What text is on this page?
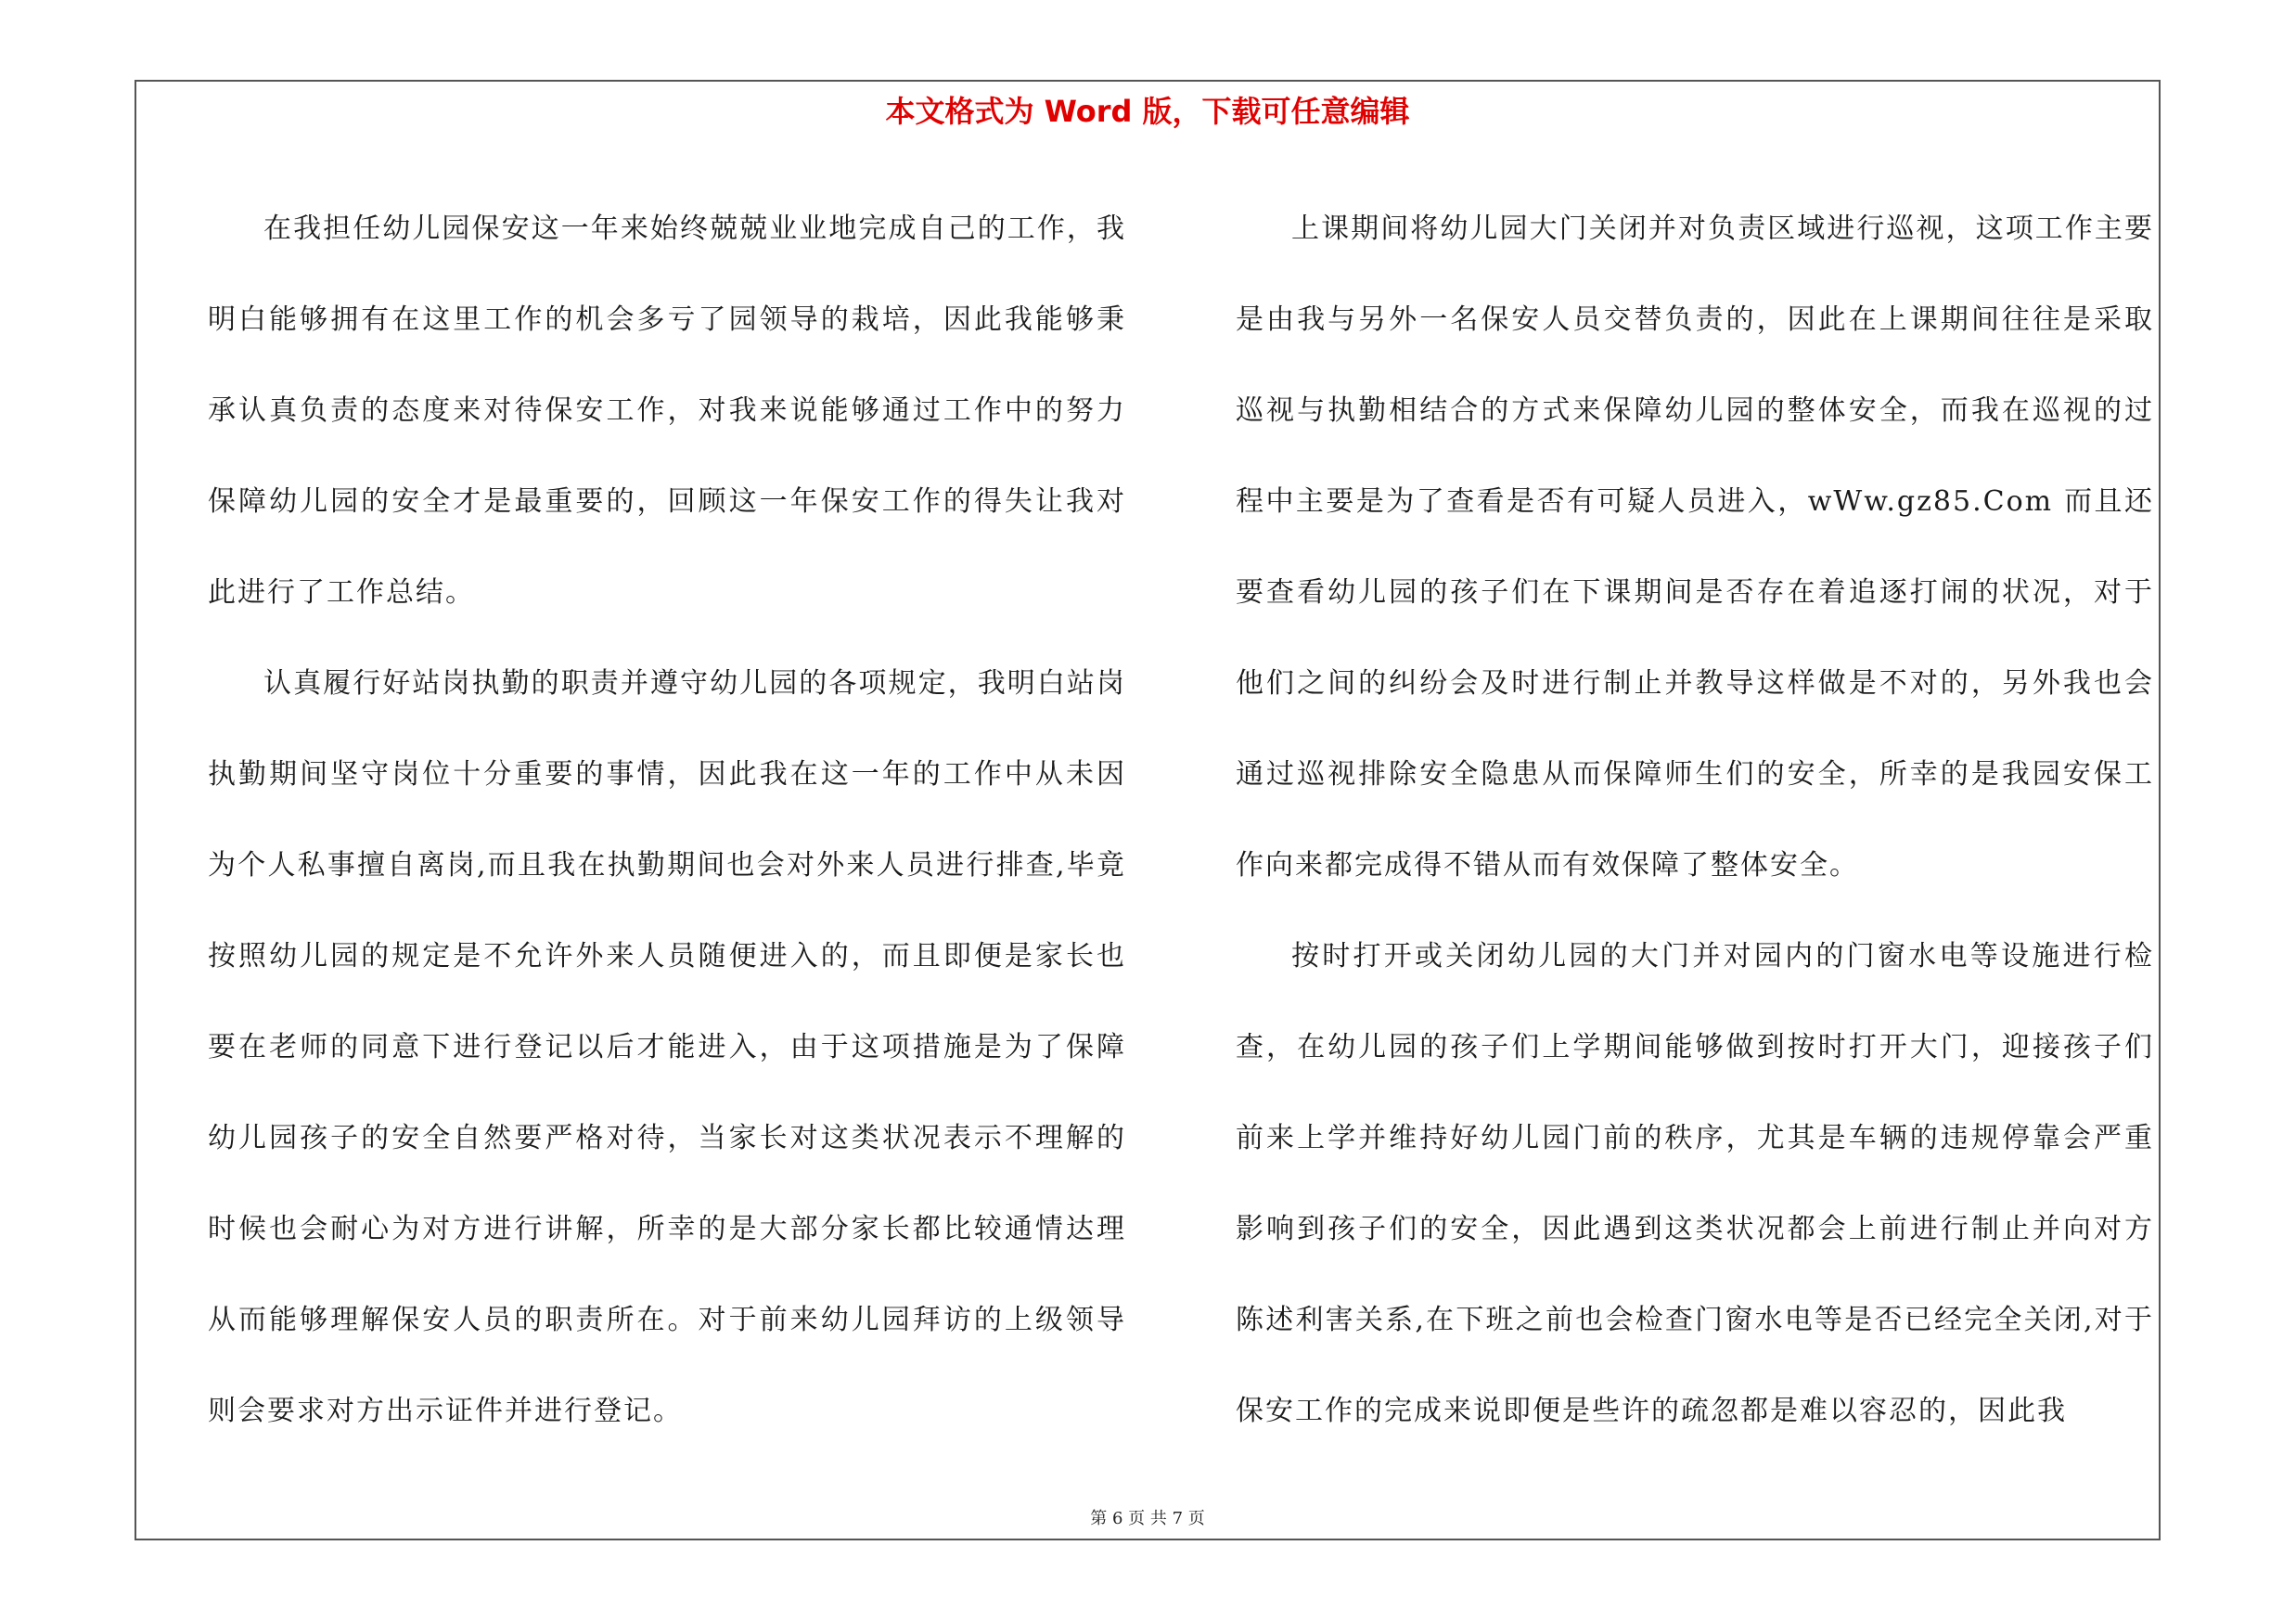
本文格式为 Word 版，下载可任意编辑

在我担任幼儿园保安这一年来始终兢兢业业地完成自己的工作，我明白能够拥有在这里工作的机会多亏了园领导的栽培，因此我能够秉承认真负责的态度来对待保安工作，对我来说能够通过工作中的努力保障幼儿园的安全才是最重要的，回顾这一年保安工作的得失让我对此进行了工作总结。

认真履行好站岗执勤的职责并遵守幼儿园的各项规定，我明白站岗执勤期间坚守岗位十分重要的事情，因此我在这一年的工作中从未因为个人私事擅自离岗,而且我在执勤期间也会对外来人员进行排查,毕竟按照幼儿园的规定是不允许外来人员随便进入的，而且即便是家长也要在老师的同意下进行登记以后才能进入，由于这项措施是为了保障幼儿园孩子的安全自然要严格对待，当家长对这类状况表示不理解的时候也会耐心为对方进行讲解，所幸的是大部分家长都比较通情达理从而能够理解保安人员的职责所在。对于前来幼儿园拜访的上级领导则会要求对方出示证件并进行登记。

上课期间将幼儿园大门关闭并对负责区域进行巡视，这项工作主要是由我与另外一名保安人员交替负责的，因此在上课期间往往是采取巡视与执勤相结合的方式来保障幼儿园的整体安全，而我在巡视的过程中主要是为了查看是否有可疑人员进入，wWw.gz85.Com 而且还要查看幼儿园的孩子们在下课期间是否存在着追逐打闹的状况，对于他们之间的纠纷会及时进行制止并教导这样做是不对的，另外我也会通过巡视排除安全隐患从而保障师生们的安全，所幸的是我园安保工作向来都完成得不错从而有效保障了整体安全。

按时打开或关闭幼儿园的大门并对园内的门窗水电等设施进行检查，在幼儿园的孩子们上学期间能够做到按时打开大门，迎接孩子们前来上学并维持好幼儿园门前的秩序，尤其是车辆的违规停靠会严重影响到孩子们的安全，因此遇到这类状况都会上前进行制止并向对方陈述利害关系,在下班之前也会检查门窗水电等是否已经完全关闭,对于保安工作的完成来说即便是些许的疏忽都是难以容忍的，因此我

第 6 页 共 7 页
